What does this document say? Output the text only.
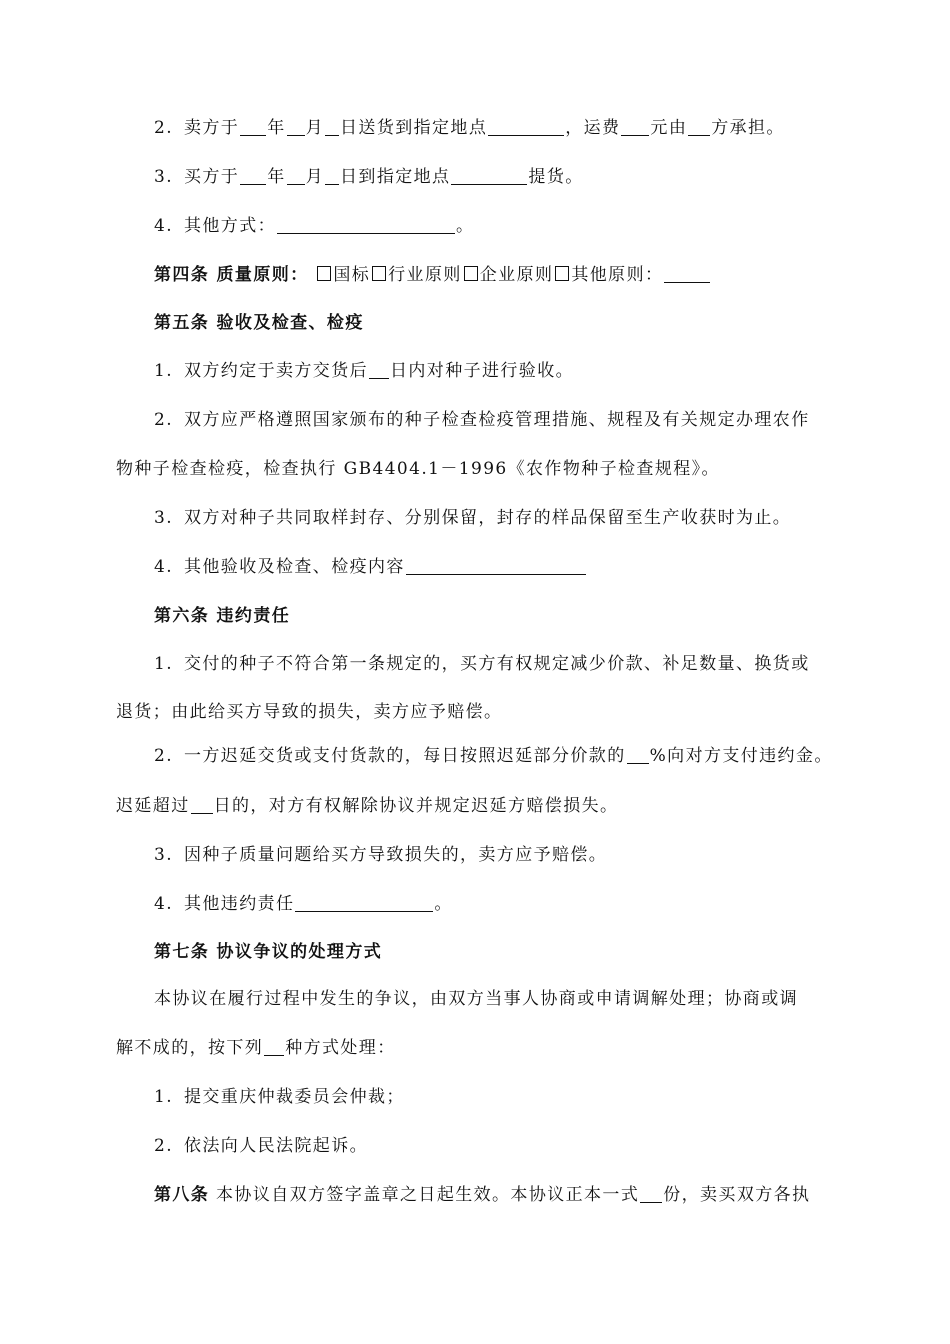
2. 卖方于 年 月 日送货到指定地点	，运费 元由 方承担。
3. 买方于 年 月 日到指定地点	提货。
4. 其他方式：	。
第四条 质量原则： 国标 行业原则 企业原则 其他原则：
第五条 验收及检查、检疫
1. 双方约定于卖方交货后 日内对种子进行验收。
2. 双方应严格遵照国家颁布的种子检查检疫管理措施、规程及有关规定办理农作
物种子检查检疫，检查执行 GB4404.1－1996《农作物种子检查规程》。
3. 双方对种子共同取样封存、分别保留，封存的样品保留至生产收获时为止。
4. 其他验收及检查、检疫内容
第六条 违约责任
1. 交付的种子不符合第一条规定的，买方有权规定减少价款、补足数量、换货或
退货；由此给买方导致的损失，卖方应予赔偿。
2. 一方迟延交货或支付货款的，每日按照迟延部分价款的 %向对方支付违约金。
迟延超过 日的，对方有权解除协议并规定迟延方赔偿损失。
3. 因种子质量问题给买方导致损失的，卖方应予赔偿。
4. 其他违约责任	。
第七条 协议争议的处理方式
本协议在履行过程中发生的争议，由双方当事人协商或申请调解处理；协商或调
解不成的，按下列 种方式处理：
1. 提交重庆仲裁委员会仲裁；
2. 依法向人民法院起诉。
第八条 本协议自双方签字盖章之日起生效。本协议正本一式 份，卖买双方各执
